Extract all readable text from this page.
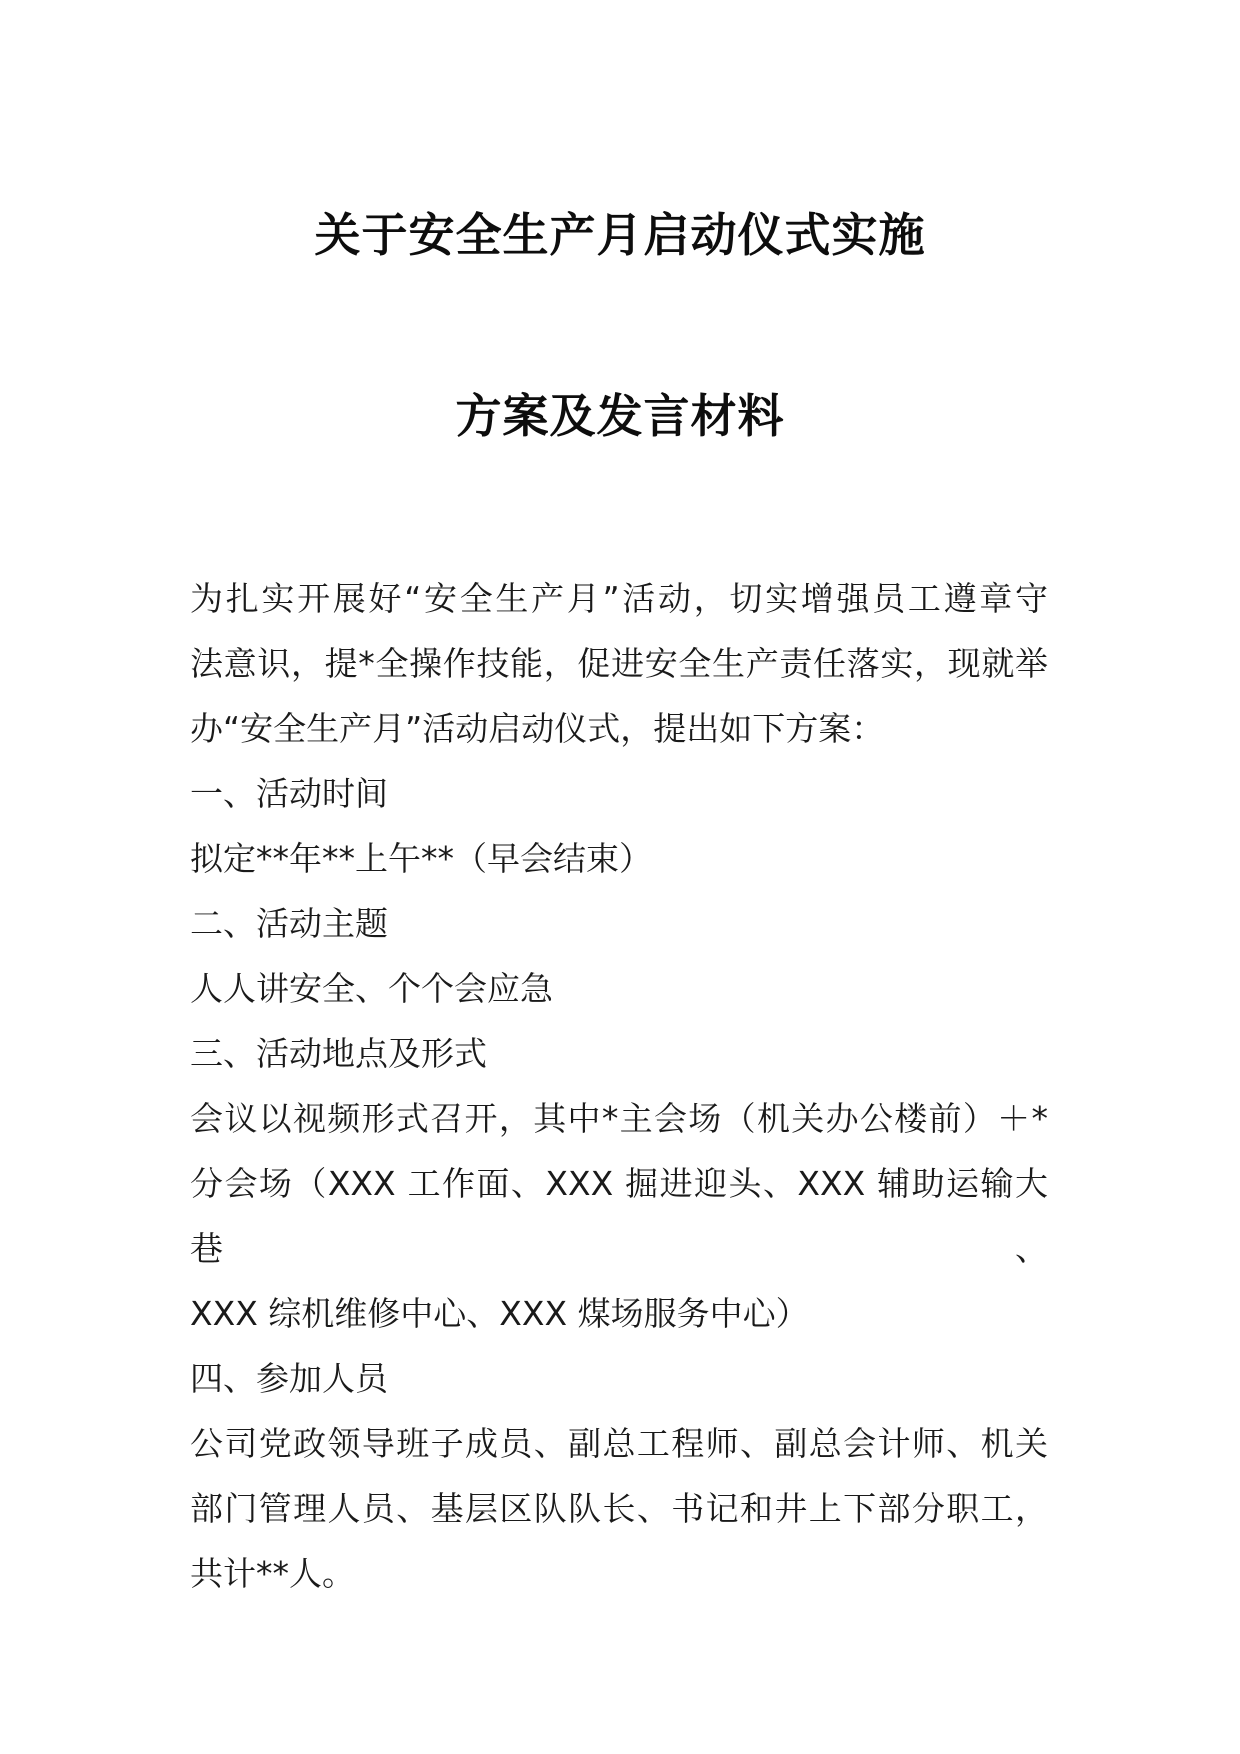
关于安全生产月启动仪式实施
方案及发言材料
为扎实开展好“安全生产月”活动，切实增强员工遵章守
法意识，提*全操作技能，促进安全生产责任落实，现就举
办“安全生产月”活动启动仪式，提出如下方案：
一、活动时间
拟定**年**上午**（早会结束）
二、活动主题
人人讲安全、个个会应急
三、活动地点及形式
会议以视频形式召开，其中*主会场（机关办公楼前）＋*
分会场（XXX 工作面、XXX 掘进迎头、XXX 辅助运输大巷、
XXX 综机维修中心、XXX 煤场服务中心）
四、参加人员
公司党政领导班子成员、副总工程师、副总会计师、机关
部门管理人员、基层区队队长、书记和井上下部分职工，
共计**人。
